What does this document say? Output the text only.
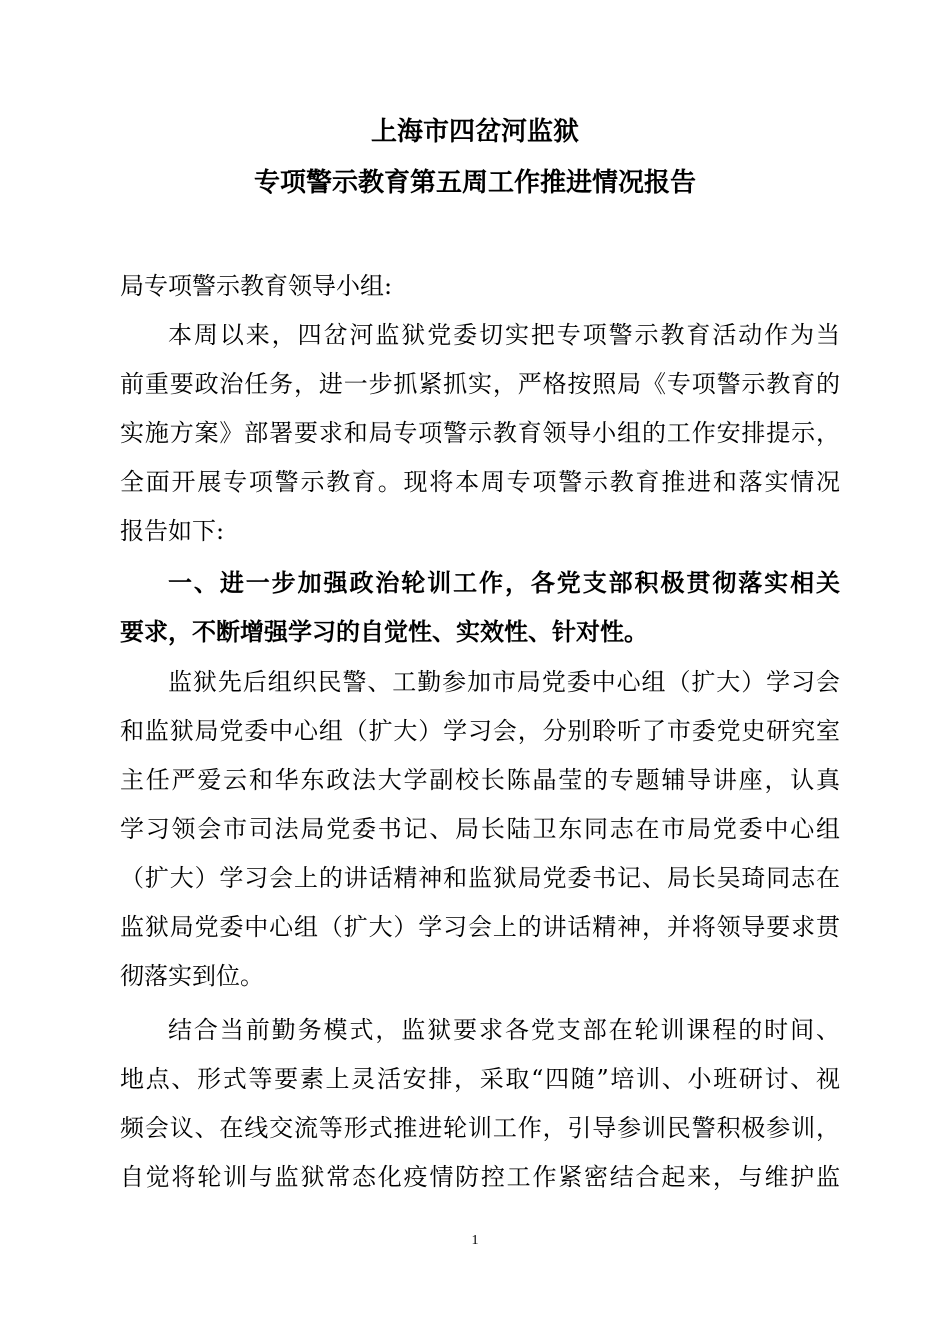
上海市四岔河监狱
专项警示教育第五周工作推进情况报告
局专项警示教育领导小组:
本周以来，四岔河监狱党委切实把专项警示教育活动作为当
前重要政治任务，进一步抓紧抓实，严格按照局《专项警示教育的
实施方案》部署要求和局专项警示教育领导小组的工作安排提示，
全面开展专项警示教育。现将本周专项警示教育推进和落实情况
报告如下:
一、进一步加强政治轮训工作，各党支部积极贯彻落实相关
要求，不断增强学习的自觉性、实效性、针对性。
监狱先后组织民警、工勤参加市局党委中心组（扩大）学习会
和监狱局党委中心组（扩大）学习会，分别聆听了市委党史研究室
主任严爱云和华东政法大学副校长陈晶莹的专题辅导讲座，认真
学习领会市司法局党委书记、局长陆卫东同志在市局党委中心组
（扩大）学习会上的讲话精神和监狱局党委书记、局长吴琦同志在
监狱局党委中心组（扩大）学习会上的讲话精神，并将领导要求贯
彻落实到位。
结合当前勤务模式，监狱要求各党支部在轮训课程的时间、
地点、形式等要素上灵活安排，采取“四随”培训、小班研讨、视
频会议、在线交流等形式推进轮训工作，引导参训民警积极参训，
自觉将轮训与监狱常态化疫情防控工作紧密结合起来，与维护监
1
